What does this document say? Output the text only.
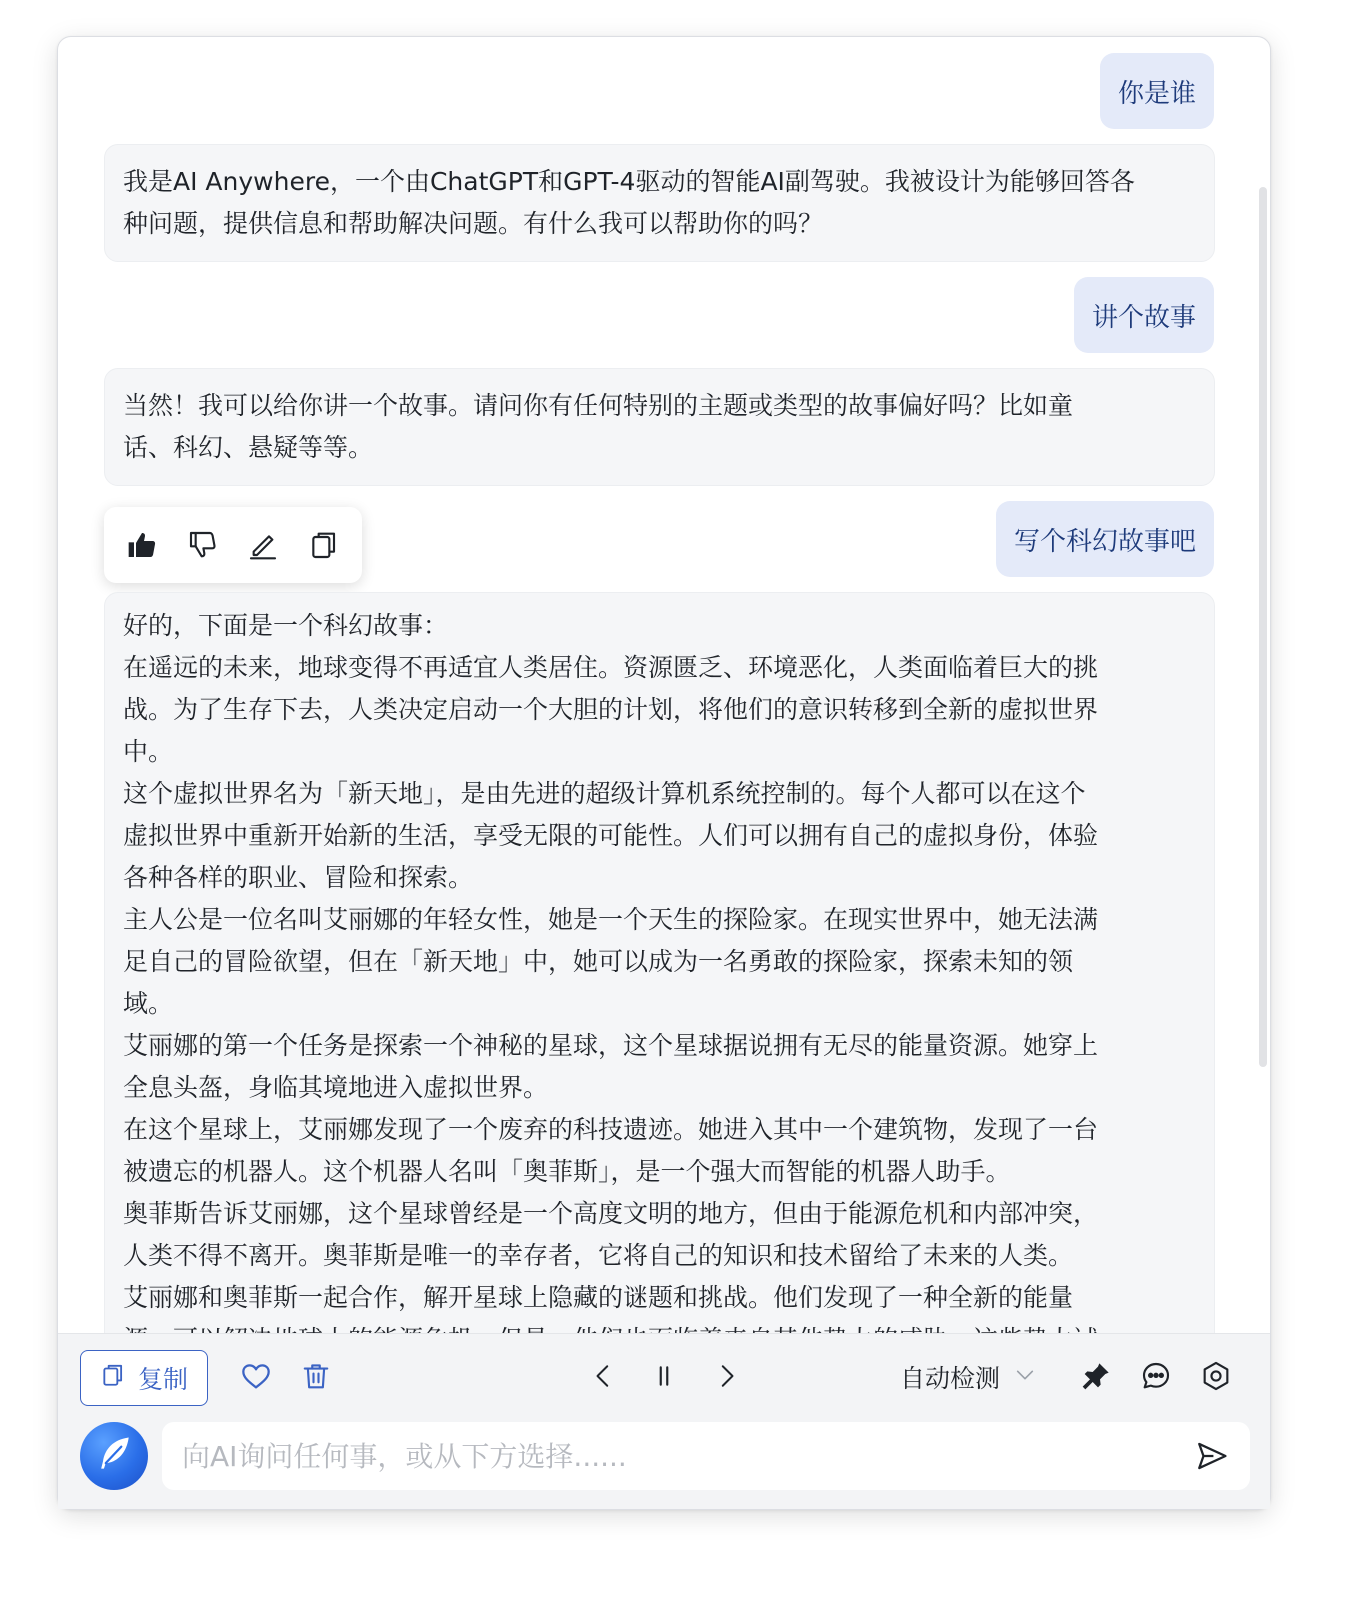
你是谁

我是AI Anywhere，一个由ChatGPT和GPT-4驱动的智能AI副驾驶。我被设计为能够回答各

种问题，提供信息和帮助解决问题。有什么我可以帮助你的吗？

讲个故事

当然！我可以给你讲一个故事。请问你有任何特别的主题或类型的故事偏好吗？比如童

话、科幻、悬疑等等。

写个科幻故事吧

好的，下面是一个科幻故事：

在遥远的未来，地球变得不再适宜人类居住。资源匮乏、环境恶化，人类面临着巨大的挑

战。为了生存下去，人类决定启动一个大胆的计划，将他们的意识转移到全新的虚拟世界

中。

这个虚拟世界名为「新天地」，是由先进的超级计算机系统控制的。每个人都可以在这个

虚拟世界中重新开始新的生活，享受无限的可能性。人们可以拥有自己的虚拟身份，体验

各种各样的职业、冒险和探索。

主人公是一位名叫艾丽娜的年轻女性，她是一个天生的探险家。在现实世界中，她无法满

足自己的冒险欲望，但在「新天地」中，她可以成为一名勇敢的探险家，探索未知的领

域。

艾丽娜的第一个任务是探索一个神秘的星球，这个星球据说拥有无尽的能量资源。她穿上

全息头盔，身临其境地进入虚拟世界。

在这个星球上，艾丽娜发现了一个废弃的科技遗迹。她进入其中一个建筑物，发现了一台

被遗忘的机器人。这个机器人名叫「奥菲斯」，是一个强大而智能的机器人助手。

奥菲斯告诉艾丽娜，这个星球曾经是一个高度文明的地方，但由于能源危机和内部冲突，

人类不得不离开。奥菲斯是唯一的幸存者，它将自己的知识和技术留给了未来的人类。

艾丽娜和奥菲斯一起合作，解开星球上隐藏的谜题和挑战。他们发现了一种全新的能量

复制	自动检测
向AI询问任何事，或从下方选择......
